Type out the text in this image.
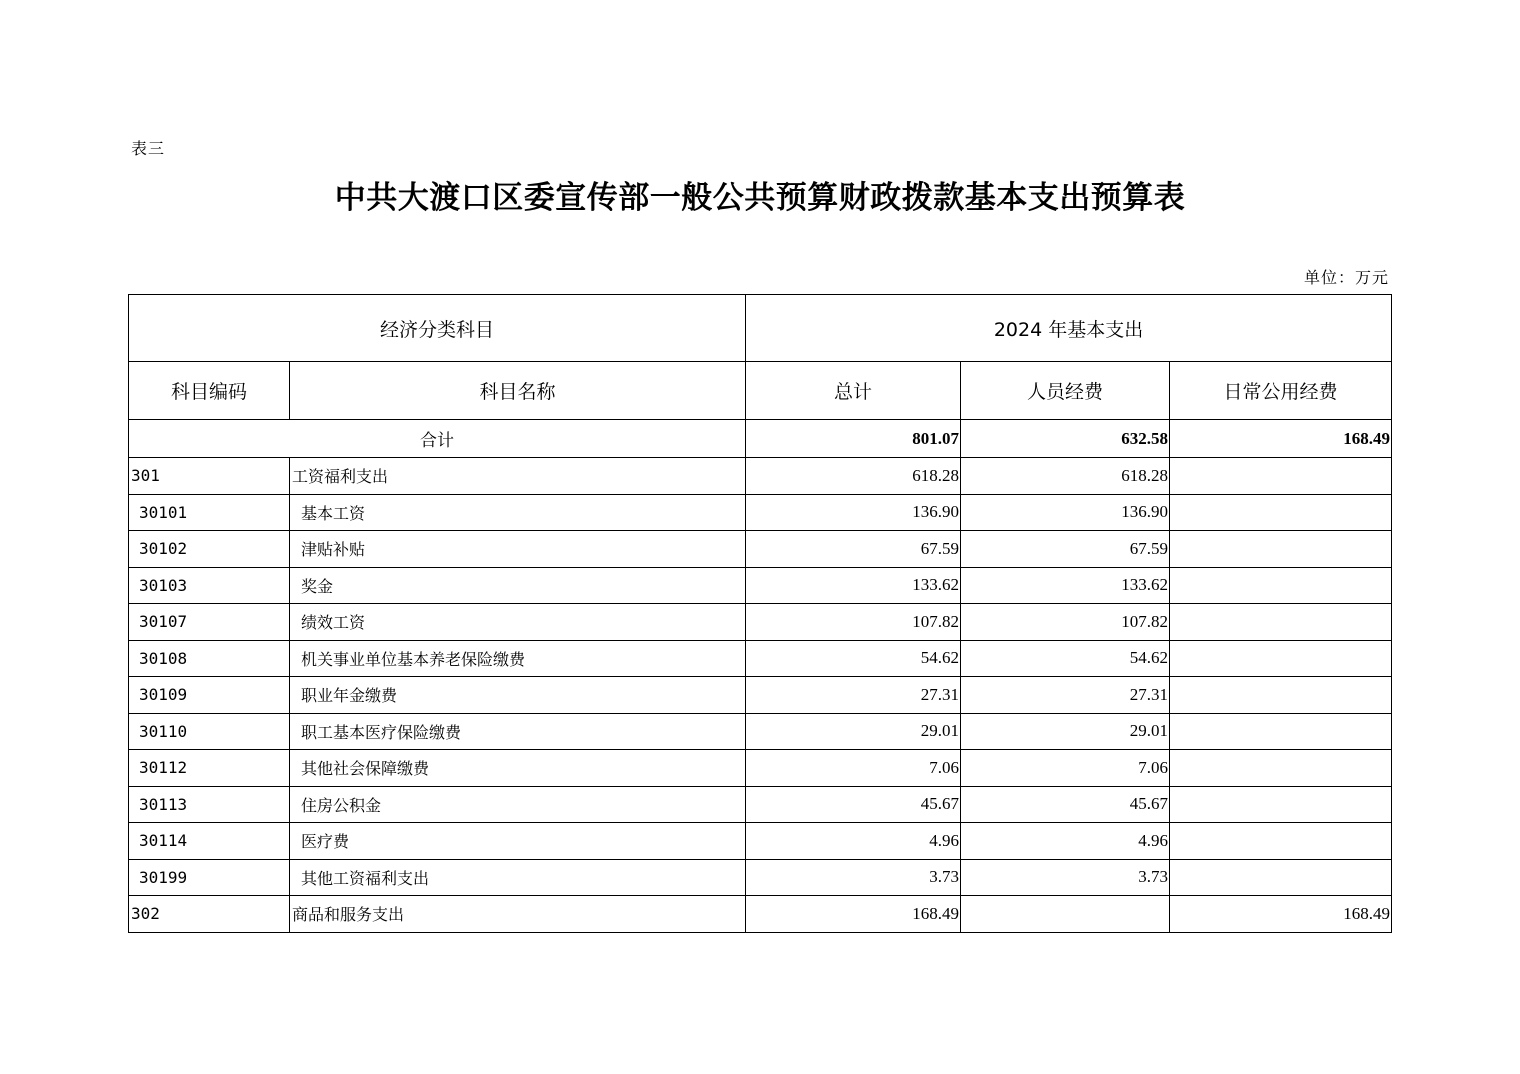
表三
中共大渡口区委宣传部一般公共预算财政拨款基本支出预算表
单位：万元
经济分类科目		2024 年基本支出		
科目编码	科目名称	总计	人员经费	日常公用经费
合计		801.07	632.58	168.49
301	工资福利支出	618.28	618.28	
30101	基本工资	136.90	136.90	
30102	津贴补贴	67.59	67.59	
30103	奖金	133.62	133.62	
30107	绩效工资	107.82	107.82	
30108	机关事业单位基本养老保险缴费	54.62	54.62	
30109	职业年金缴费	27.31	27.31	
30110	职工基本医疗保险缴费	29.01	29.01	
30112	其他社会保障缴费	7.06	7.06	
30113	住房公积金	45.67	45.67	
30114	医疗费	4.96	4.96	
30199	其他工资福利支出	3.73	3.73	
302	商品和服务支出	168.49		168.49
